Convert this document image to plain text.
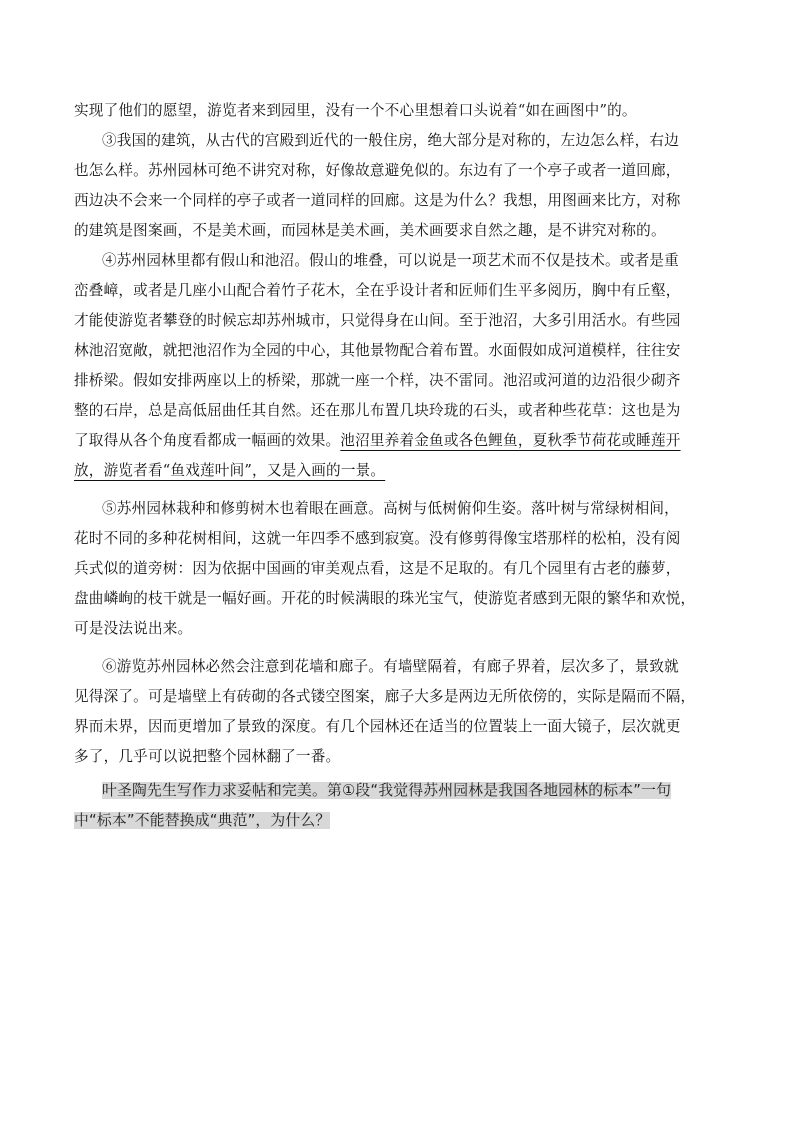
实现了他们的愿望，游览者来到园里，没有一个不心里想着口头说着“如在画图中”的。
③我国的建筑，从古代的宫殿到近代的一般住房，绝大部分是对称的，左边怎么样，右边
也怎么样。苏州园林可绝不讲究对称，好像故意避免似的。东边有了一个亭子或者一道回廊，
西边决不会来一个同样的亭子或者一道同样的回廊。这是为什么？我想，用图画来比方，对称
的建筑是图案画，不是美术画，而园林是美术画，美术画要求自然之趣，是不讲究对称的。
④苏州园林里都有假山和池沼。假山的堆叠，可以说是一项艺术而不仅是技术。或者是重
峦叠嶂，或者是几座小山配合着竹子花木，全在乎设计者和匠师们生平多阅历，胸中有丘壑，
才能使游览者攀登的时候忘却苏州城市，只觉得身在山间。至于池沼，大多引用活水。有些园
林池沼宽敞，就把池沼作为全园的中心，其他景物配合着布置。水面假如成河道模样，往往安
排桥梁。假如安排两座以上的桥梁，那就一座一个样，决不雷同。池沼或河道的边沿很少砌齐
整的石岸，总是高低屈曲任其自然。还在那儿布置几块玲珑的石头，或者种些花草：这也是为
了取得从各个角度看都成一幅画的效果。池沼里养着金鱼或各色鲤鱼，夏秋季节荷花或睡莲开
放，游览者看“鱼戏莲叶间”，又是入画的一景。
⑤苏州园林栽种和修剪树木也着眼在画意。高树与低树俯仰生姿。落叶树与常绿树相间，
花时不同的多种花树相间，这就一年四季不感到寂寞。没有修剪得像宝塔那样的松柏，没有阅
兵式似的道旁树：因为依据中国画的审美观点看，这是不足取的。有几个园里有古老的藤萝，
盘曲嶙峋的枝干就是一幅好画。开花的时候满眼的珠光宝气，使游览者感到无限的繁华和欢悦，
可是没法说出来。
⑥游览苏州园林必然会注意到花墙和廊子。有墙壁隔着，有廊子界着，层次多了，景致就
见得深了。可是墙壁上有砖砌的各式镂空图案，廊子大多是两边无所依傍的，实际是隔而不隔，
界而未界，因而更增加了景致的深度。有几个园林还在适当的位置装上一面大镜子，层次就更
多了，几乎可以说把整个园林翻了一番。
叶圣陶先生写作力求妥帖和完美。第①段“我觉得苏州园林是我国各地园林的标本”一句
中“标本”不能替换成“典范”，为什么？
